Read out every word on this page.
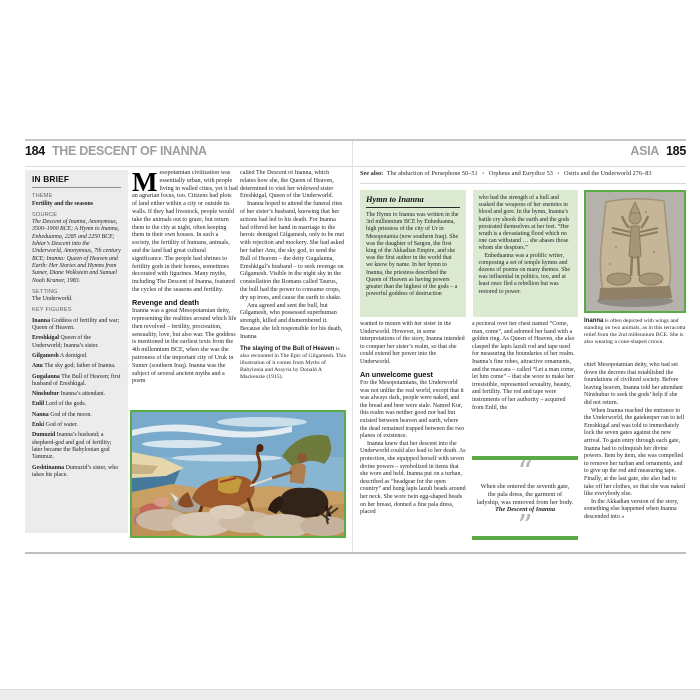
184 THE DESCENT OF INANNA	ASIA 185
See also: The abduction of Persephone 50–51 • Orpheus and Eurydice 53 • Osiris and the Underworld 276–83
IN BRIEF
THEME
Fertility and the seasons
SOURCE
The Descent of Inanna, Anonymous, 3500–1900 BCE; A Hymn to Inanna, Enheduanna, 2285 and 2250 BCE; Ishtar’s Descent into the Underworld, Anonymous, 7th century BCE; Inanna: Queen of Heaven and Earth: Her Stories and Hymns from Sumer, Diane Wolkstein and Samuel Noah Kramer, 1983.
SETTING
The Underworld.
KEY FIGURES

Inanna Goddess of fertility and war; Queen of Heaven.

Ereshkigal Queen of the Underworld; Inanna’s sister.

Gilgamesh A demigod.

Anu The sky god; father of Inanna.

Gugalanna The Bull of Heaven; first husband of Ereshkigal.

Ninshubur Inanna’s attendant.

Enlil Lord of the gods.

Nanna God of the moon.

Enki God of water.

Dumuzid Inanna’s husband; a shepherd-god and god of fertility; later became the Babylonian god Tammuz.

Geshtinanna Dumuzid’s sister, who takes his place.

Mesopotamian civilization was essentially urban, with people living in walled cities, yet it had an agrarian focus, too. Citizens had plots of land either within a city or outside its walls. If they had livestock, people would take the animals out to graze, but return them to the city at night, often keeping them in their own houses. In such a society, the fertility of humans, animals, and the land had great cultural significance. The people had shrines to fertility gods in their homes, sometimes decorated with figurines. Many myths, including The Descent of Inanna, featured the cycles of the seasons and fertility.

Revenge and death

Inanna was a great Mesopotamian deity, representing the realities around which life then revolved – fertility, procreation, sensuality, love, but also war. The goddess is mentioned in the earliest texts from the 4th millennium BCE, when she was the patroness of the important city of Uruk in Sumer (southern Iraq). Inanna was the subject of several ancient myths and a poem

called The Descent of Inanna, which relates how she, the Queen of Heaven, determined to visit her widowed sister Ereshkigal, Queen of the Underworld.

Inanna hoped to attend the funeral rites of her sister’s husband, knowing that her actions had led to his death. For Inanna had offered her hand in marriage to the heroic demigod Gilgamesh, only to be met with rejection and mockery. She had asked her father Anu, the sky god, to send the Bull of Heaven – the deity Gugalanna, Ereshkigal’s husband – to seek revenge on Gilgamesh. Visible in the night sky in the constellation the Romans called Taurus, the bull had the power to consume crops, dry up trees, and cause the earth to shake.

Anu agreed and sent the bull, but Gilgamesh, who possessed superhuman strength, killed and dismembered it. Because she felt responsible for his death, Inanna

The slaying of the Bull of Heaven is also recounted in The Epic of Gilgamesh. This illustration of it comes from Myths of Babylonia and Assyria by Donald A Mackenzie (1915).
Hymn to Inanna

The Hymn to Inanna was written in the 3rd millennium BCE by Enheduanna, high priestess of the city of Ur in Mesopotamia (now southern Iraq). She was the daughter of Sargon, the first king of the Akkadian Empire, and she was the first author in the world that we know by name. In her hymn to Inanna, the priestess described the Queen of Heaven as having powers greater than the highest of the gods – a powerful goddess of destruction

who had the strength of a bull and soaked the weapons of her enemies in blood and gore. In the hymn, Inanna’s battle cry shook the earth and the gods prostrated themselves at her feet. “Her wrath is a devastating flood which no one can withstand … she abases those whom she despises.”

Enheduanna was a prolific writer, composing a set of temple hymns and dozens of poems on many themes. She was influential in politics, too, and at least once fled a rebellion but was restored to power.

wanted to mourn with her sister in the Underworld. However, in some interpretations of the story, Inanna intended to conquer her sister’s realm, so that she could extend her power into the Underworld.

An unwelcome guest

For the Mesopotamians, the Underworld was not unlike the real world, except that it was always dark, people were naked, and the bread and beer were stale. Named Kur, this realm was neither good nor bad but existed between heaven and earth, where the dead remained trapped between the two planes of existence.

Inanna knew that her descent into the Underworld could also lead to her death. As protection, she equipped herself with seven divine powers – symbolized in items that she wore and held. Inanna put on a turban, described as “headgear for the open country” and hung lapis lazuli beads around her neck. She wore twin egg-shaped beads on her breast, donned a fine pala dress, placed

a pectoral over her chest named “Come, man, come”, and adorned her hand with a golden ring. As Queen of Heaven, she also clasped the lapis lazuli rod and tape used for measuring the boundaries of her realm. Inanna’s fine robes, attractive ornaments, and the mascara – called “Let a man come, let him come” – that she wore to make her irresistible, represented sexuality, beauty, and fertility. The rod and tape were instruments of her authority – acquired from Enlil, the

“
When she entered the seventh gate, the pala dress, the garment of ladyship, was removed from her body.
The Descent of Inanna
”
Inanna is often depicted with wings and standing on two animals, as in this terracotta relief from the 2nd millennium BCE. She is also wearing a cone-shaped crown.

chief Mesopotamian deity, who had set down the decrees that established the foundations of civilized society. Before leaving heaven, Inanna told her attendant Ninshubur to seek the gods’ help if she did not return.

When Inanna reached the entrance to the Underworld, the gatekeeper ran to tell Ereshkigal and was told to immediately lock the seven gates against the new arrival. To gain entry through each gate, Inanna had to relinquish her divine powers. Item by item, she was compelled to remove her turban and ornaments, and to give up the rod and measuring tape. Finally, at the last gate, she also had to take off her clothes, so that she was naked like everybody else.

In the Akkadian version of the story, something else happened when Inanna descended into »
